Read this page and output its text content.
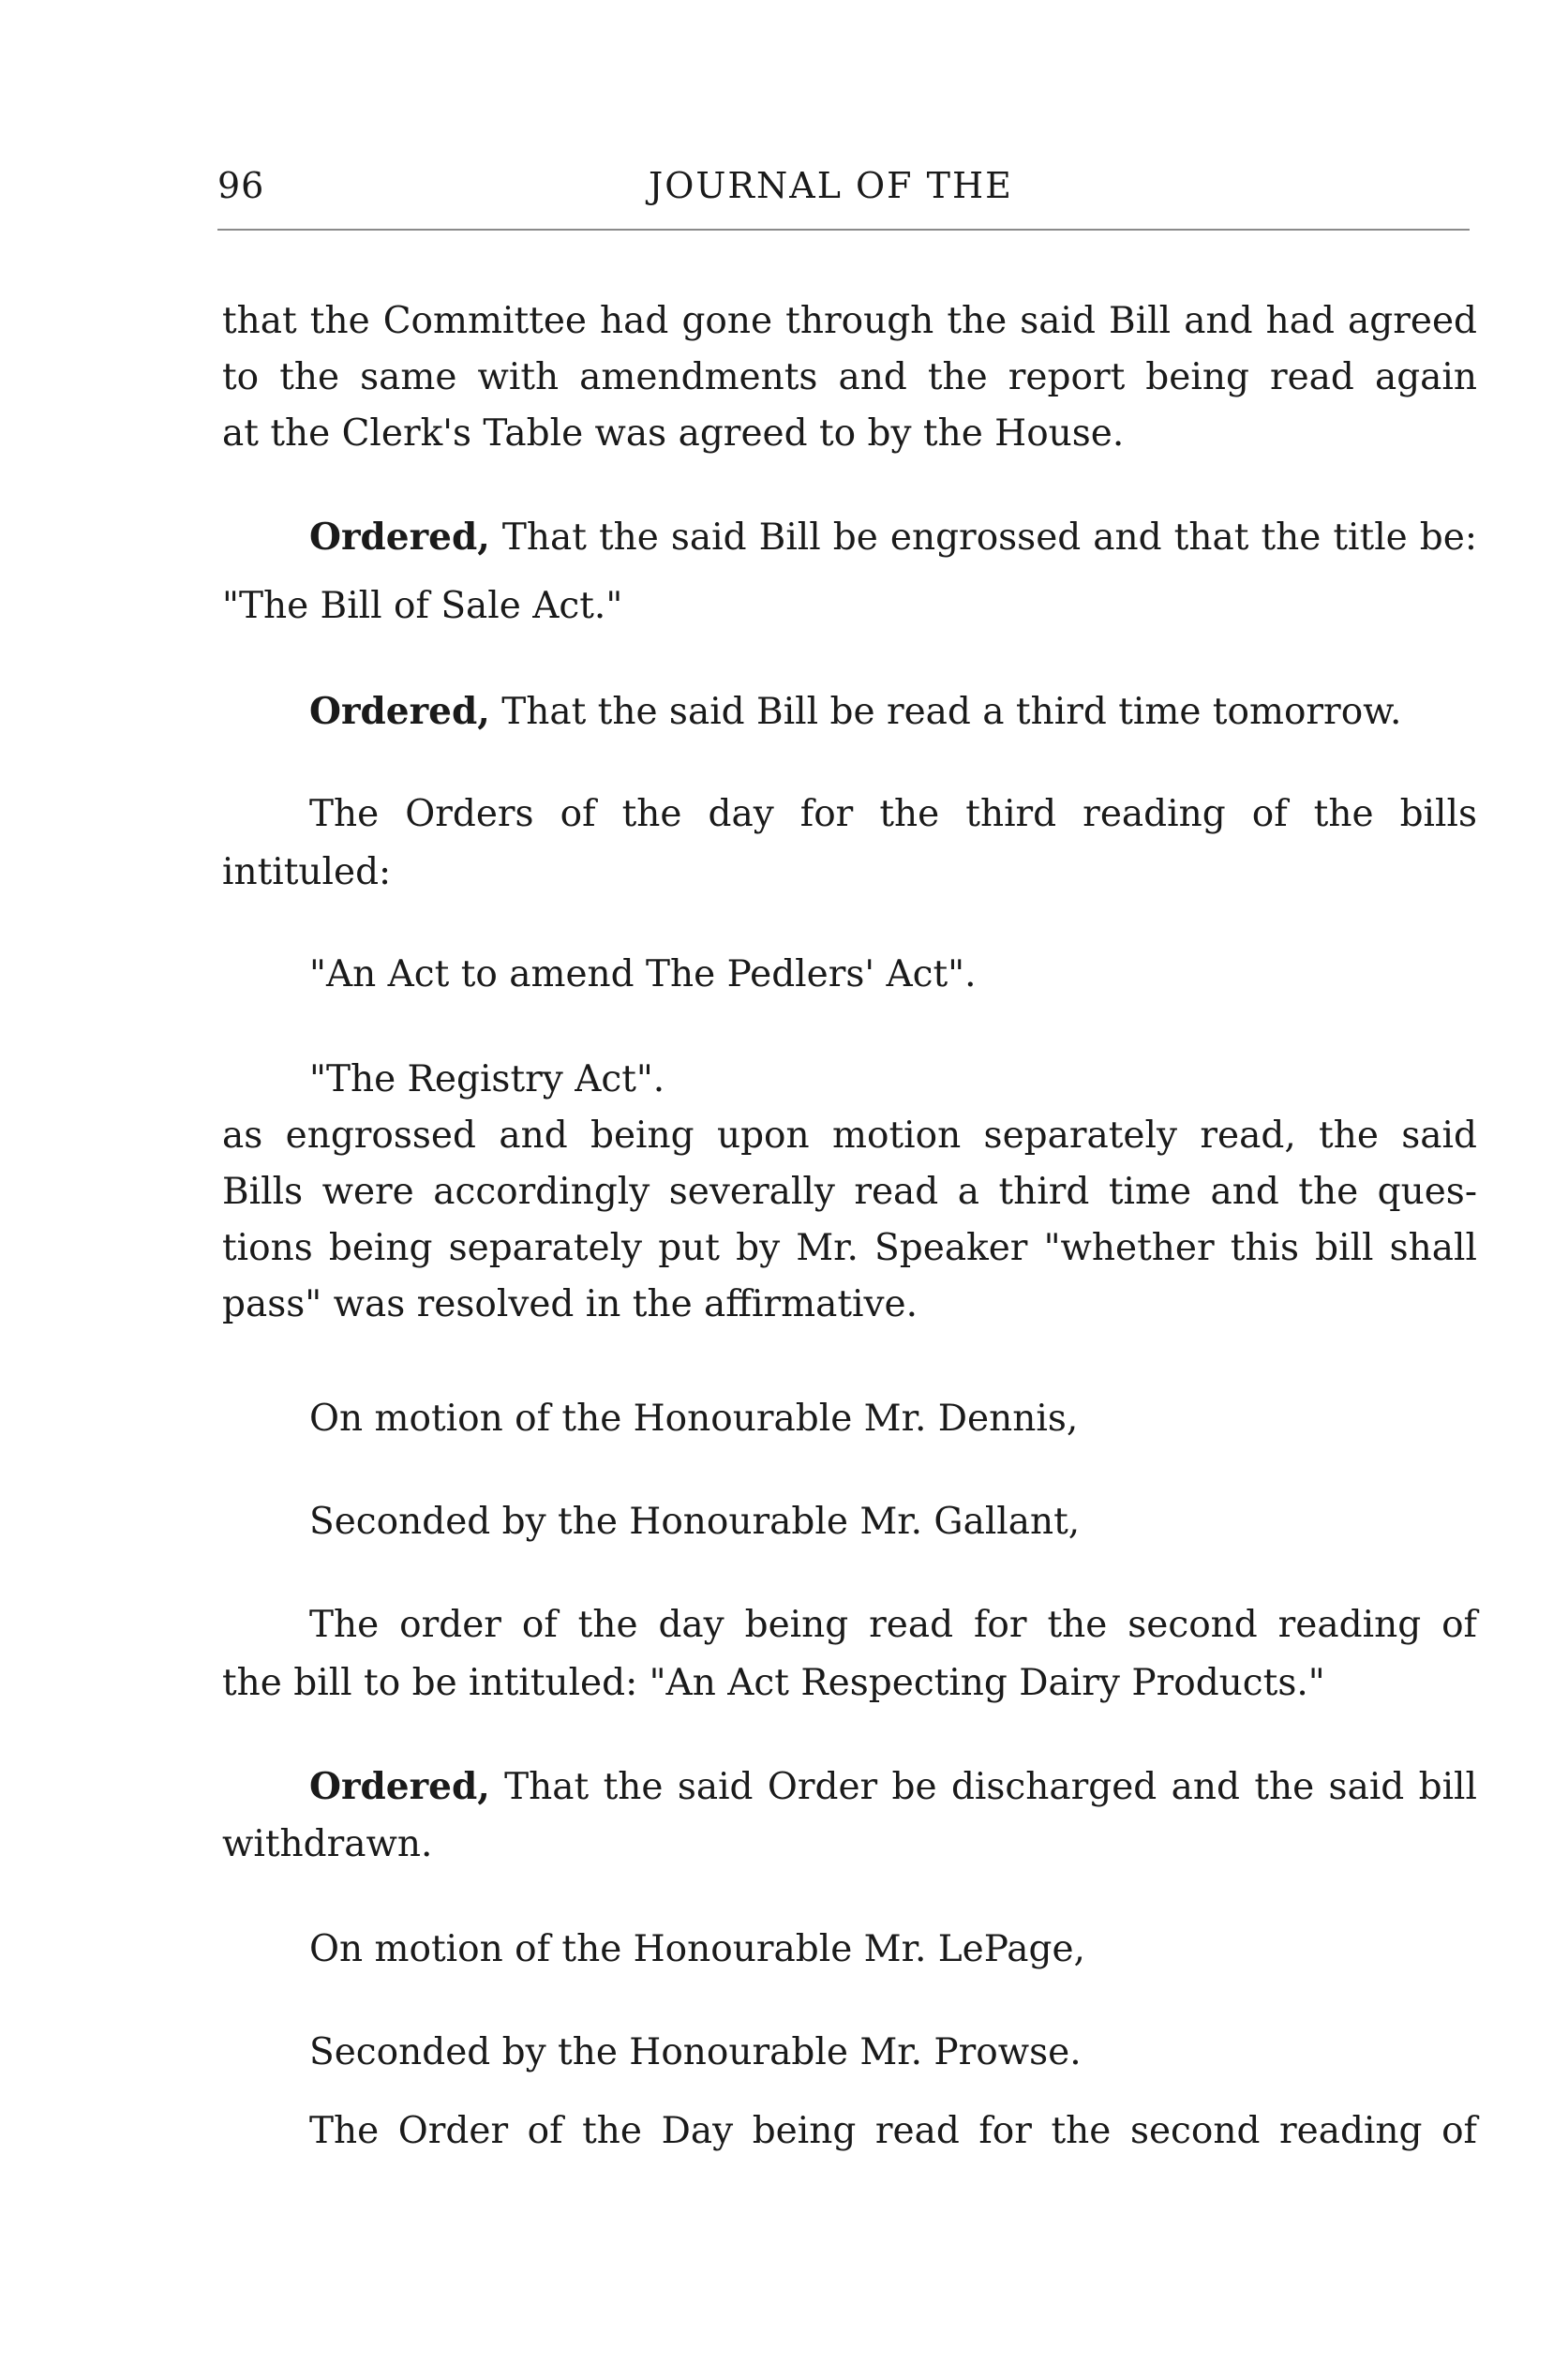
96	JOURNAL OF THE
that the Committee had gone through the said Bill and had agreed
to the same with amendments and the report being read again
at the Clerk's Table was agreed to by the House.
Ordered, That the said Bill be engrossed and that the title be:
"The Bill of Sale Act."
Ordered, That the said Bill be read a third time tomorrow.
The Orders of the day for the third reading of the bills
intituled:
"An Act to amend The Pedlers' Act".
"The Registry Act".
as engrossed and being upon motion separately read, the said
Bills were accordingly severally read a third time and the ques-
tions being separately put by Mr. Speaker "whether this bill shall
pass" was resolved in the affirmative.
On motion of the Honourable Mr. Dennis,
Seconded by the Honourable Mr. Gallant,
The order of the day being read for the second reading of
the bill to be intituled: "An Act Respecting Dairy Products."
Ordered, That the said Order be discharged and the said bill
withdrawn.
On motion of the Honourable Mr. LePage,
Seconded by the Honourable Mr. Prowse.
The Order of the Day being read for the second reading of
